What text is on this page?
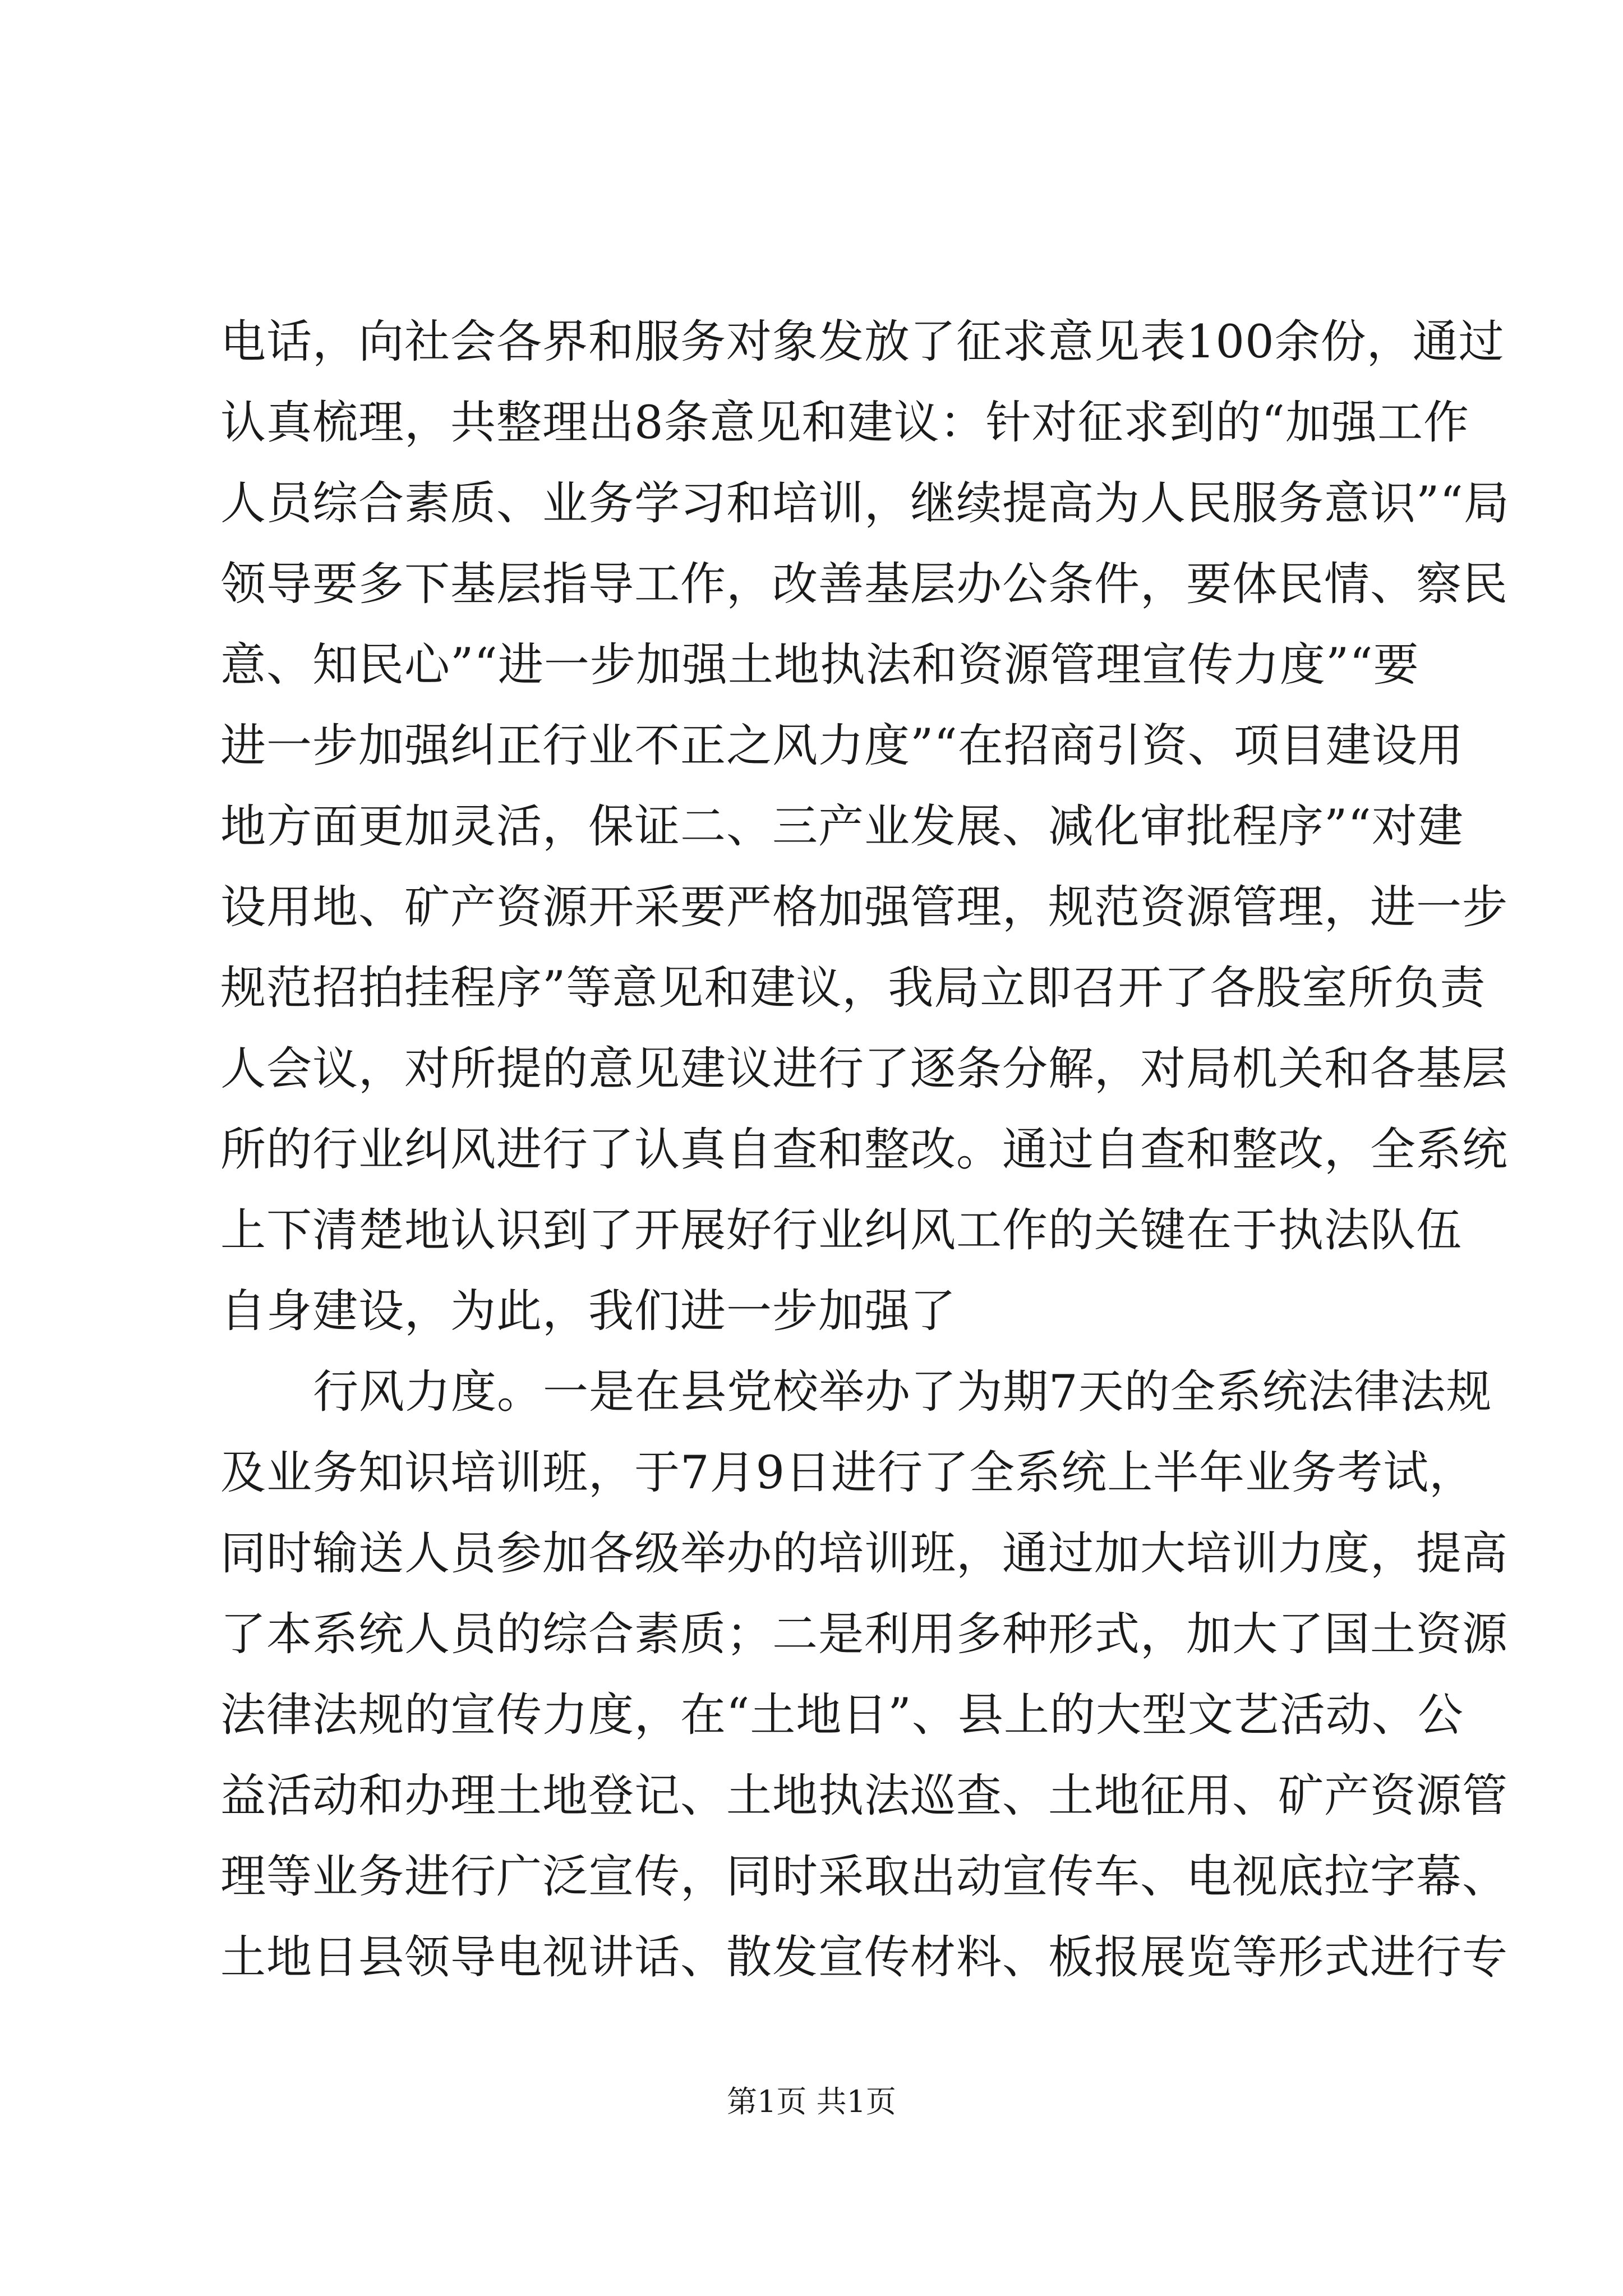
电话，向社会各界和服务对象发放了征求意见表100余份，通过
认真梳理，共整理出8条意见和建议：针对征求到的“加强工作
人员综合素质、业务学习和培训，继续提高为人民服务意识”“局
领导要多下基层指导工作，改善基层办公条件，要体民情、察民
意、知民心”“进一步加强土地执法和资源管理宣传力度”“要
进一步加强纠正行业不正之风力度”“在招商引资、项目建设用
地方面更加灵活，保证二、三产业发展、减化审批程序”“对建
设用地、矿产资源开采要严格加强管理，规范资源管理，进一步
规范招拍挂程序”等意见和建议，我局立即召开了各股室所负责
人会议，对所提的意见建议进行了逐条分解，对局机关和各基层
所的行业纠风进行了认真自查和整改。通过自查和整改，全系统
上下清楚地认识到了开展好行业纠风工作的关键在于执法队伍
自身建设，为此，我们进一步加强了
行风力度。一是在县党校举办了为期7天的全系统法律法规
及业务知识培训班，于7月9日进行了全系统上半年业务考试，
同时输送人员参加各级举办的培训班，通过加大培训力度，提高
了本系统人员的综合素质；二是利用多种形式，加大了国土资源
法律法规的宣传力度，在“土地日”、县上的大型文艺活动、公
益活动和办理土地登记、土地执法巡查、土地征用、矿产资源管
理等业务进行广泛宣传，同时采取出动宣传车、电视底拉字幕、
土地日县领导电视讲话、散发宣传材料、板报展览等形式进行专
第1页 共1页
